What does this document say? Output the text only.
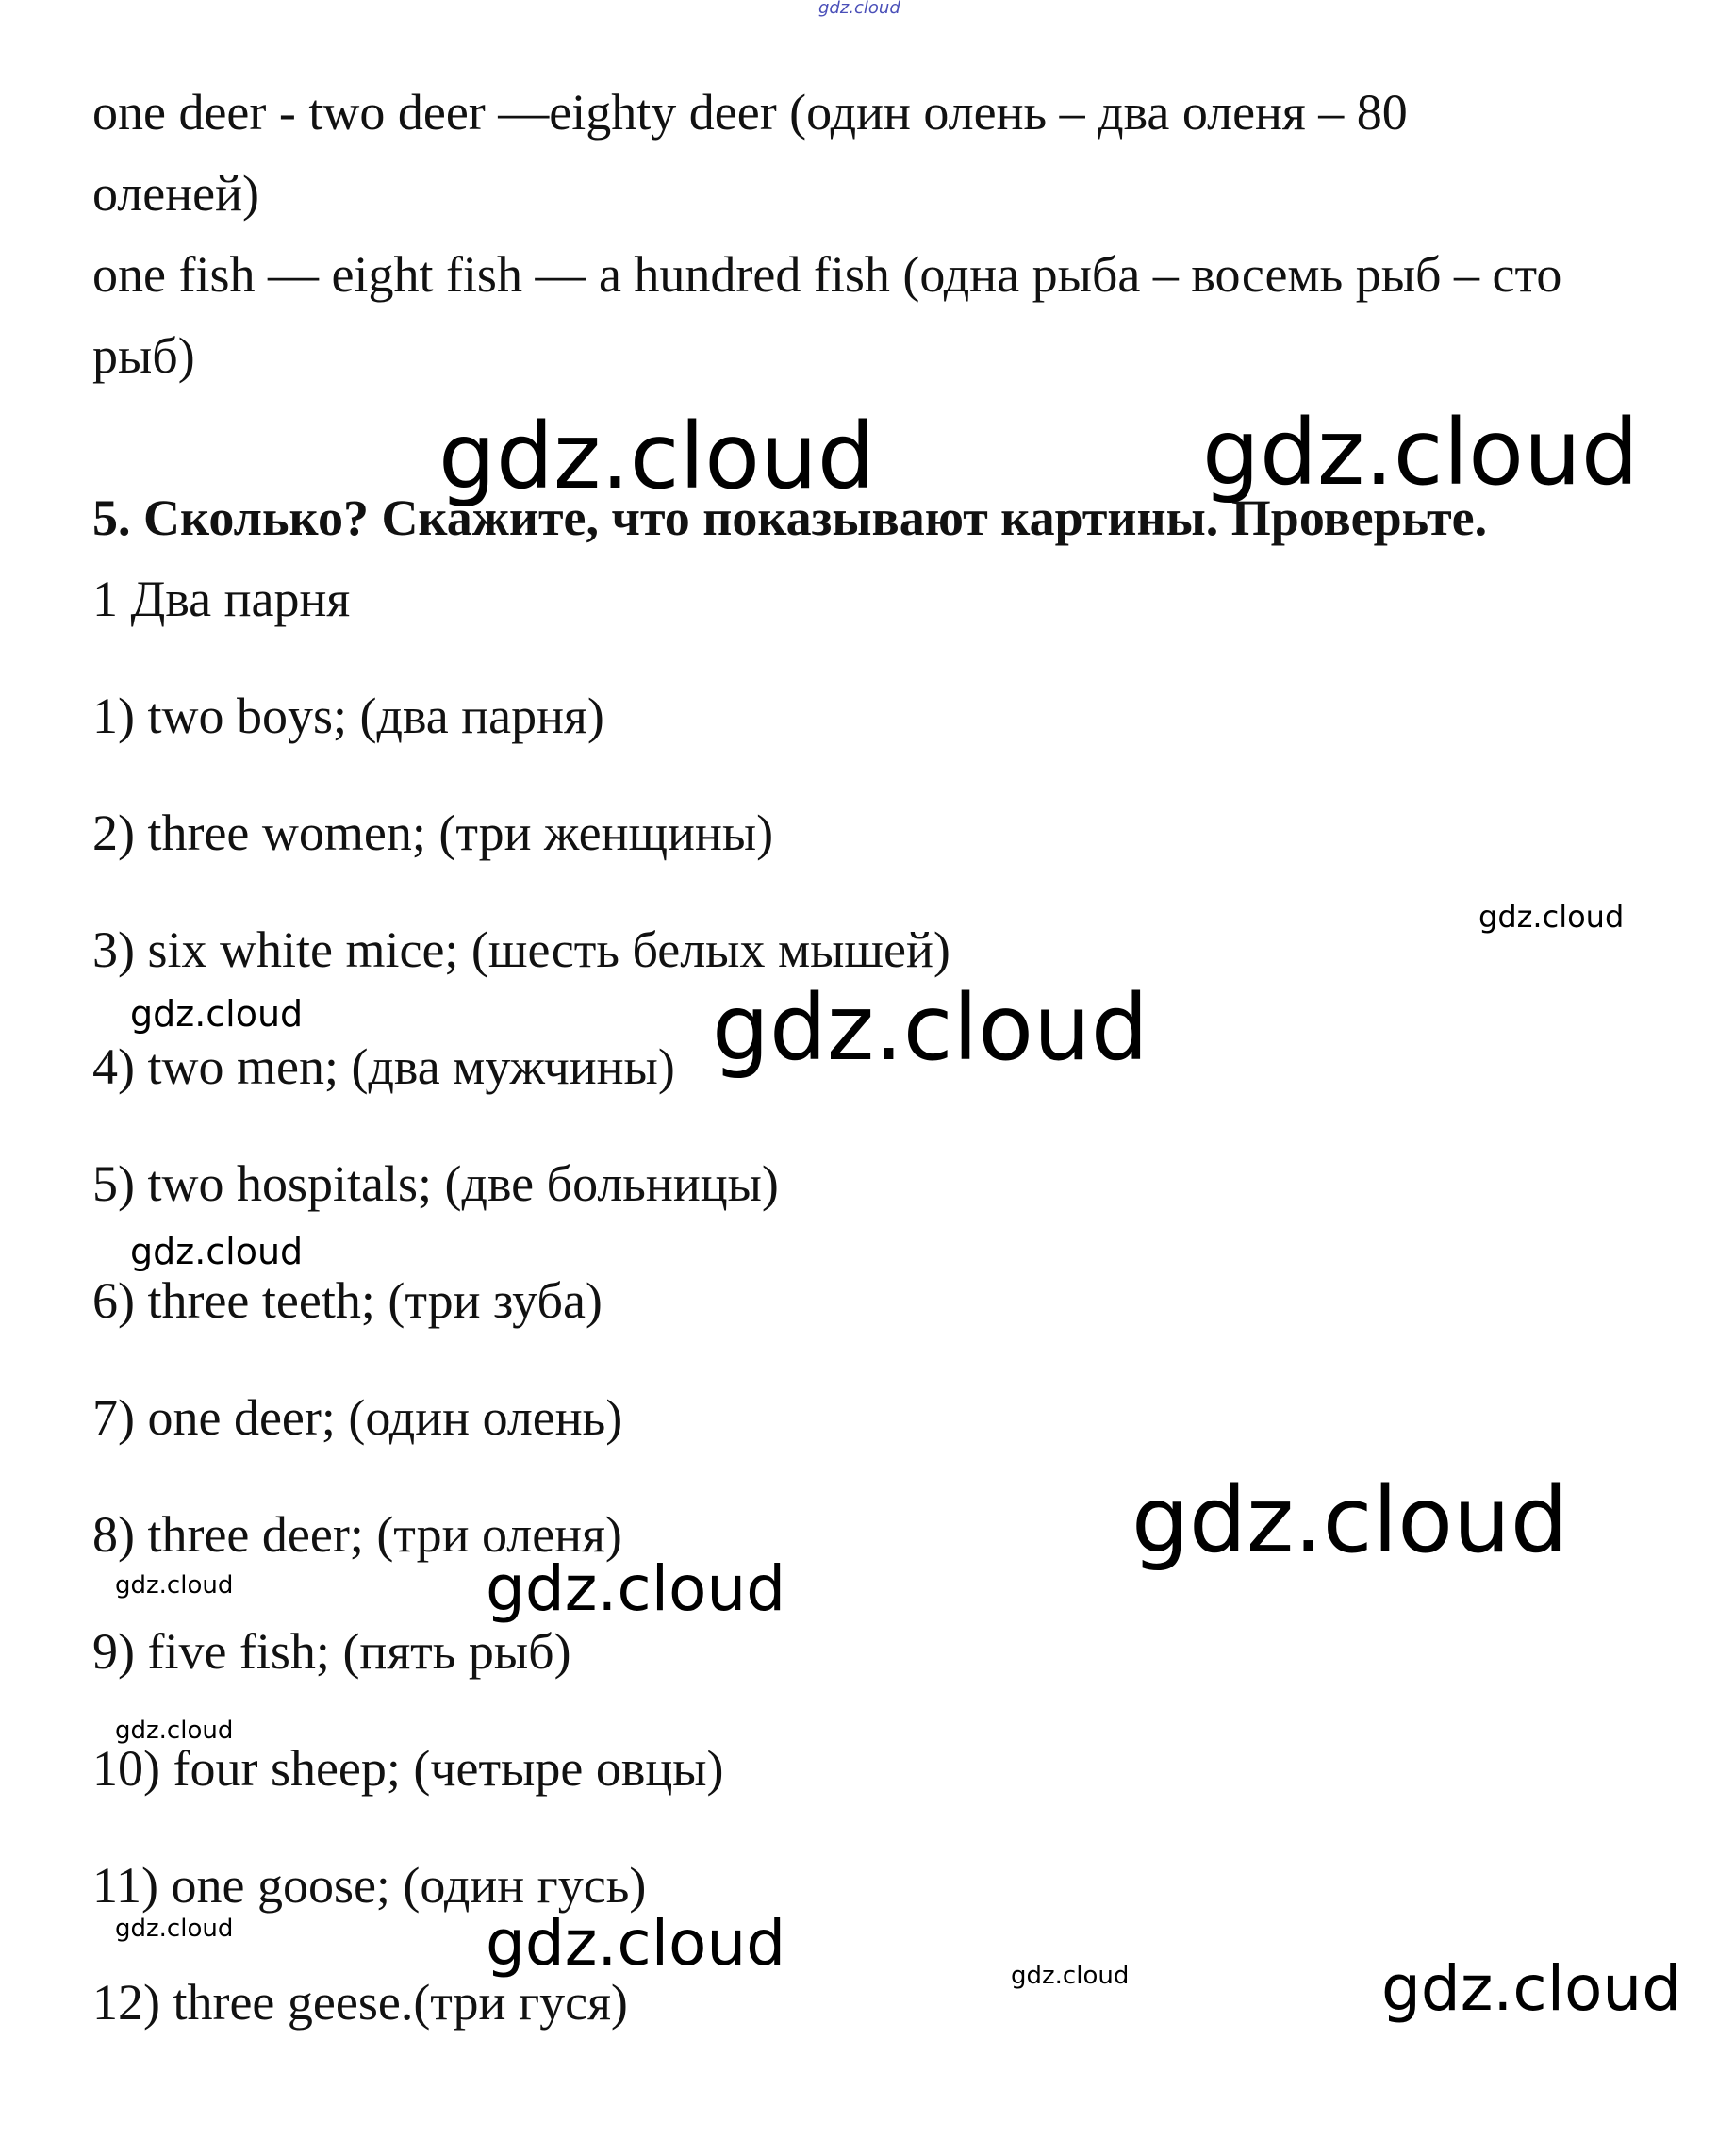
gdz.cloud

one deer - two deer —eighty deer (один олень – два оленя – 80

оленей)

one fish — eight fish — a hundred fish (одна рыба – восемь рыб – сто

рыб)

5. Сколько? Скажите, что показывают картины. Проверьте.

1 Два парня

1) two boys; (два парня)

2) three women; (три женщины)

3) six white mice; (шесть белых мышей)

4) two men; (два мужчины)

5) two hospitals; (две больницы)

6) three teeth; (три зуба)

7) one deer; (один олень)

8) three deer; (три оленя)

9) five fish; (пять рыб)

10) four sheep; (четыре овцы)

11) one goose; (один гусь)

12) three geese.(три гуся)

gdz.cloud	gdz.cloud

gdz.cloud

gdz.cloud	gdz.cloud

gdz.cloud

gdz.cloud

gdz.cloud	gdz.cloud

gdz.cloud

gdz.cloud	gdz.cloud	gdz.cloud	gdz.cloud
